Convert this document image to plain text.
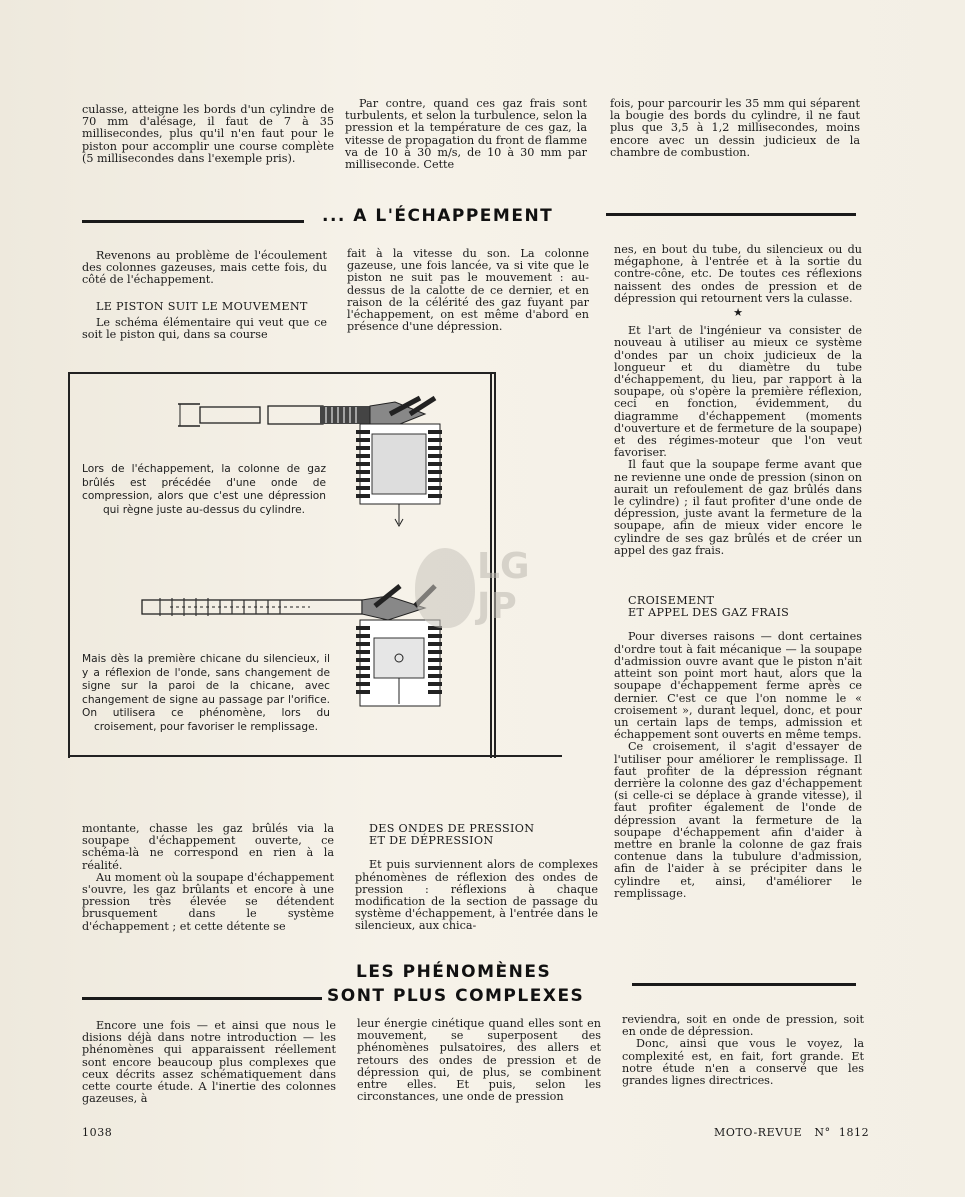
culasse, atteigne les bords d'un cylindre de 70 mm d'alésage, il faut de 7 à 35 millisecondes, plus qu'il n'en faut pour le piston pour accomplir une course complète (5 millisecondes dans l'exemple pris).

Par contre, quand ces gaz frais sont turbulents, et selon la turbulence, selon la pression et la température de ces gaz, la vitesse de propagation du front de flamme va de 10 à 30 m/s, de 10 à 30 mm par milliseconde. Cette

fois, pour parcourir les 35 mm qui séparent la bougie des bords du cylindre, il ne faut plus que 3,5 à 1,2 millisecondes, moins encore avec un dessin judicieux de la chambre de combustion.

... A L'ÉCHAPPEMENT

Revenons au problème de l'écoulement des colonnes gazeuses, mais cette fois, du côté de l'échappement.

LE PISTON SUIT LE MOUVEMENT

Le schéma élémentaire qui veut que ce soit le piston qui, dans sa course

fait à la vitesse du son. La colonne gazeuse, une fois lancée, va si vite que le piston ne suit pas le mouvement : au-dessus de la calotte de ce dernier, et en raison de la célérité des gaz fuyant par l'échappement, on est même d'abord en présence d'une dépression.

nes, en bout du tube, du silencieux ou du mégaphone, à l'entrée et à la sortie du contre-cône, etc. De toutes ces réflexions naissent des ondes de pression et de dépression qui retournent vers la culasse.

★

Et l'art de l'ingénieur va consister de nouveau à utiliser au mieux ce système d'ondes par un choix judicieux de la longueur et du diamètre du tube d'échappement, du lieu, par rapport à la soupape, où s'opère la première réflexion, ceci en fonction, évidemment, du diagramme d'échappement (moments d'ouverture et de fermeture de la soupape) et des régimes-moteur que l'on veut favoriser.

Il faut que la soupape ferme avant que ne revienne une onde de pression (sinon on aurait un refoulement de gaz brûlés dans le cylindre) ; il faut profiter d'une onde de dépression, juste avant la fermeture de la soupape, afin de mieux vider encore le cylindre de ses gaz brûlés et de créer un appel des gaz frais.

CROISEMENT

ET APPEL DES GAZ FRAIS

Pour diverses raisons — dont certaines d'ordre tout à fait mécanique — la soupape d'admission ouvre avant que le piston n'ait atteint son point mort haut, alors que la soupape d'échappement ferme après ce dernier. C'est ce que l'on nomme le « croisement », durant lequel, donc, et pour un certain laps de temps, admission et échappement sont ouverts en même temps.

Ce croisement, il s'agit d'essayer de l'utiliser pour améliorer le remplissage. Il faut profiter de la dépression régnant derrière la colonne des gaz d'échappement (si celle-ci se déplace à grande vitesse), il faut profiter également de l'onde de dépression avant la fermeture de la soupape d'échappement afin d'aider à mettre en branle la colonne de gaz frais contenue dans la tubulure d'admission, afin de l'aider à se précipiter dans le cylindre et, ainsi, d'améliorer le remplissage.

LG
JP
Lors de l'échappement, la colonne de gaz brûlés est précédée d'une onde de compression, alors que c'est une dépression qui règne juste au-dessus du cylindre.
Mais dès la première chicane du silencieux, il y a réflexion de l'onde, sans changement de signe sur la paroi de la chicane, avec changement de signe au passage par l'orifice. On utilisera ce phénomène, lors du croisement, pour favoriser le remplissage.

montante, chasse les gaz brûlés via la soupape d'échappement ouverte, ce schéma-là ne correspond en rien à la réalité.

Au moment où la soupape d'échappement s'ouvre, les gaz brûlants et encore à une pression très élevée se détendent brusquement dans le système d'échappement ; et cette détente se

DES ONDES DE PRESSION

ET DE DÉPRESSION

Et puis surviennent alors de complexes phénomènes de réflexion des ondes de pression : réflexions à chaque modification de la section de passage du système d'échappement, à l'entrée dans le silencieux, aux chica-

LES PHÉNOMÈNES
SONT PLUS COMPLEXES

Encore une fois — et ainsi que nous le disions déjà dans notre introduction — les phénomènes qui apparaissent réellement sont encore beaucoup plus complexes que ceux décrits assez schématiquement dans cette courte étude. A l'inertie des colonnes gazeuses, à

leur énergie cinétique quand elles sont en mouvement, se superposent des phénomènes pulsatoires, des allers et retours des ondes de pression et de dépression qui, de plus, se combinent entre elles. Et puis, selon les circonstances, une onde de pression

reviendra, soit en onde de pression, soit en onde de dépression.

Donc, ainsi que vous le voyez, la complexité est, en fait, fort grande. Et notre étude n'en a conservé que les grandes lignes directrices.

1038	MOTO-REVUE N° 1812
